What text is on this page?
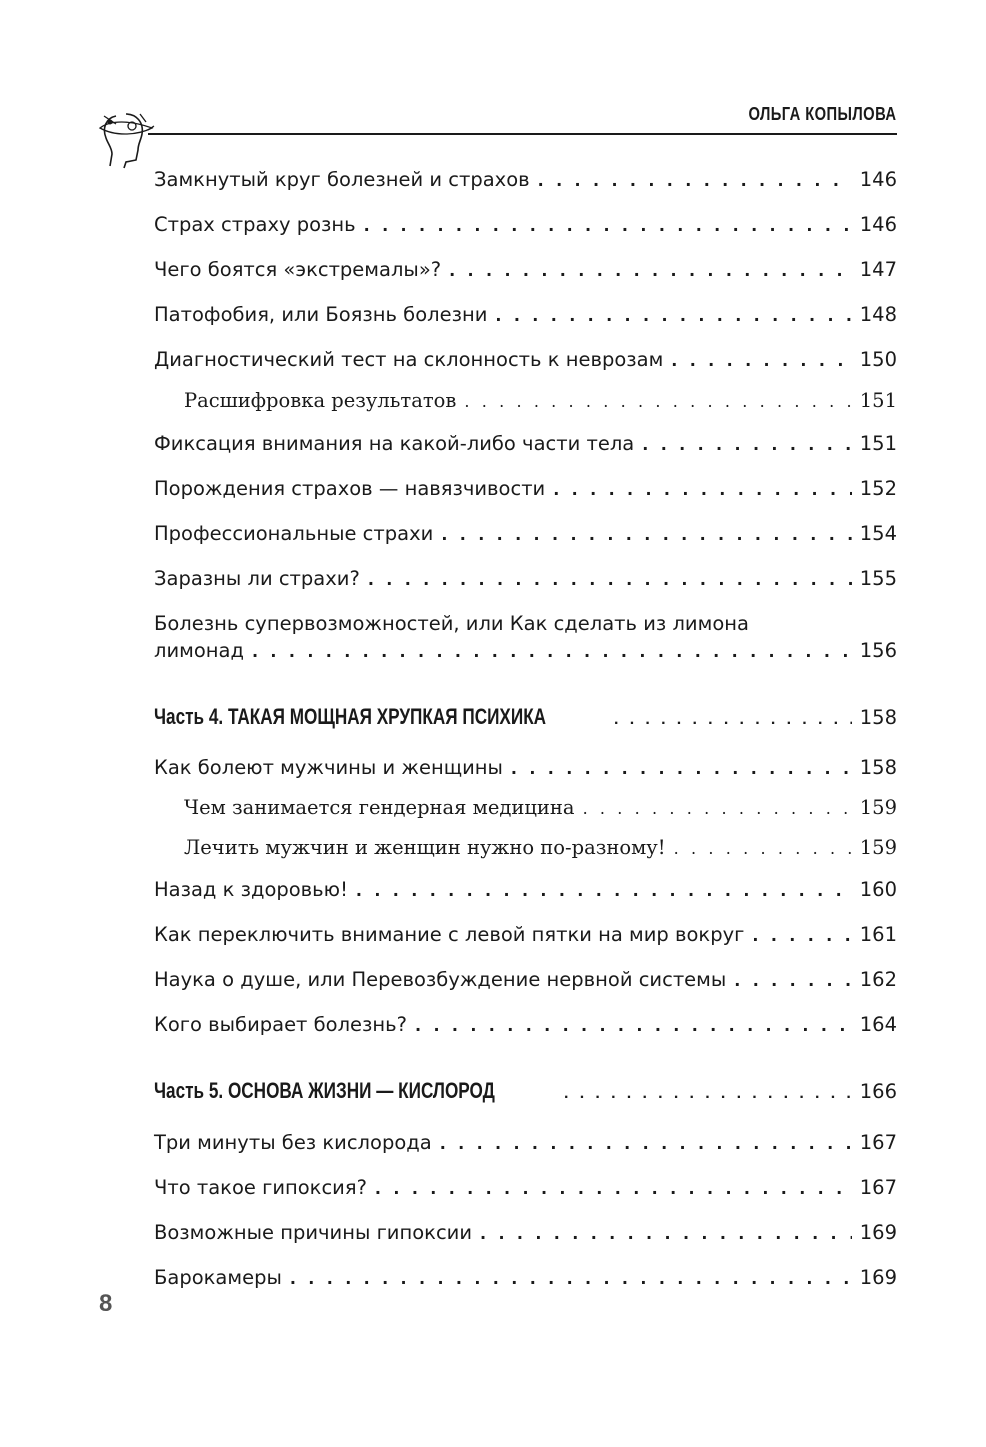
ОЛЬГА КОПЫЛОВА
Замкнутый круг болезней и страхов . . .	146
Страх страху рознь . . .	146
Чего боятся «экстремалы»? . . .	147
Патофобия, или Боязнь болезни . . .	148
Диагностический тест на склонность к неврозам . . .	150
Расшифровка результатов . . .	151
Фиксация внимания на какой-либо части тела . . .	151
Порождения страхов — навязчивости . . .	152
Профессиональные страхи . . .	154
Заразны ли страхи? . . .	155
Болезнь супервозможностей, или Как сделать из лимона
лимонад . . .	156
Часть 4. ТАКАЯ МОЩНАЯ ХРУПКАЯ ПСИХИКА . . .	158
Как болеют мужчины и женщины . . .	158
Чем занимается гендерная медицина . . .	159
Лечить мужчин и женщин нужно по-разному! . . .	159
Назад к здоровью! . . .	160
Как переключить внимание с левой пятки на мир вокруг . . .	161
Наука о душе, или Перевозбуждение нервной системы . . .	162
Кого выбирает болезнь? . . .	164
Часть 5. ОСНОВА ЖИЗНИ — КИСЛОРОД . . .	166
Три минуты без кислорода . . .	167
Что такое гипоксия? . . .	167
Возможные причины гипоксии . . .	169
Барокамеры . . .	169
8
